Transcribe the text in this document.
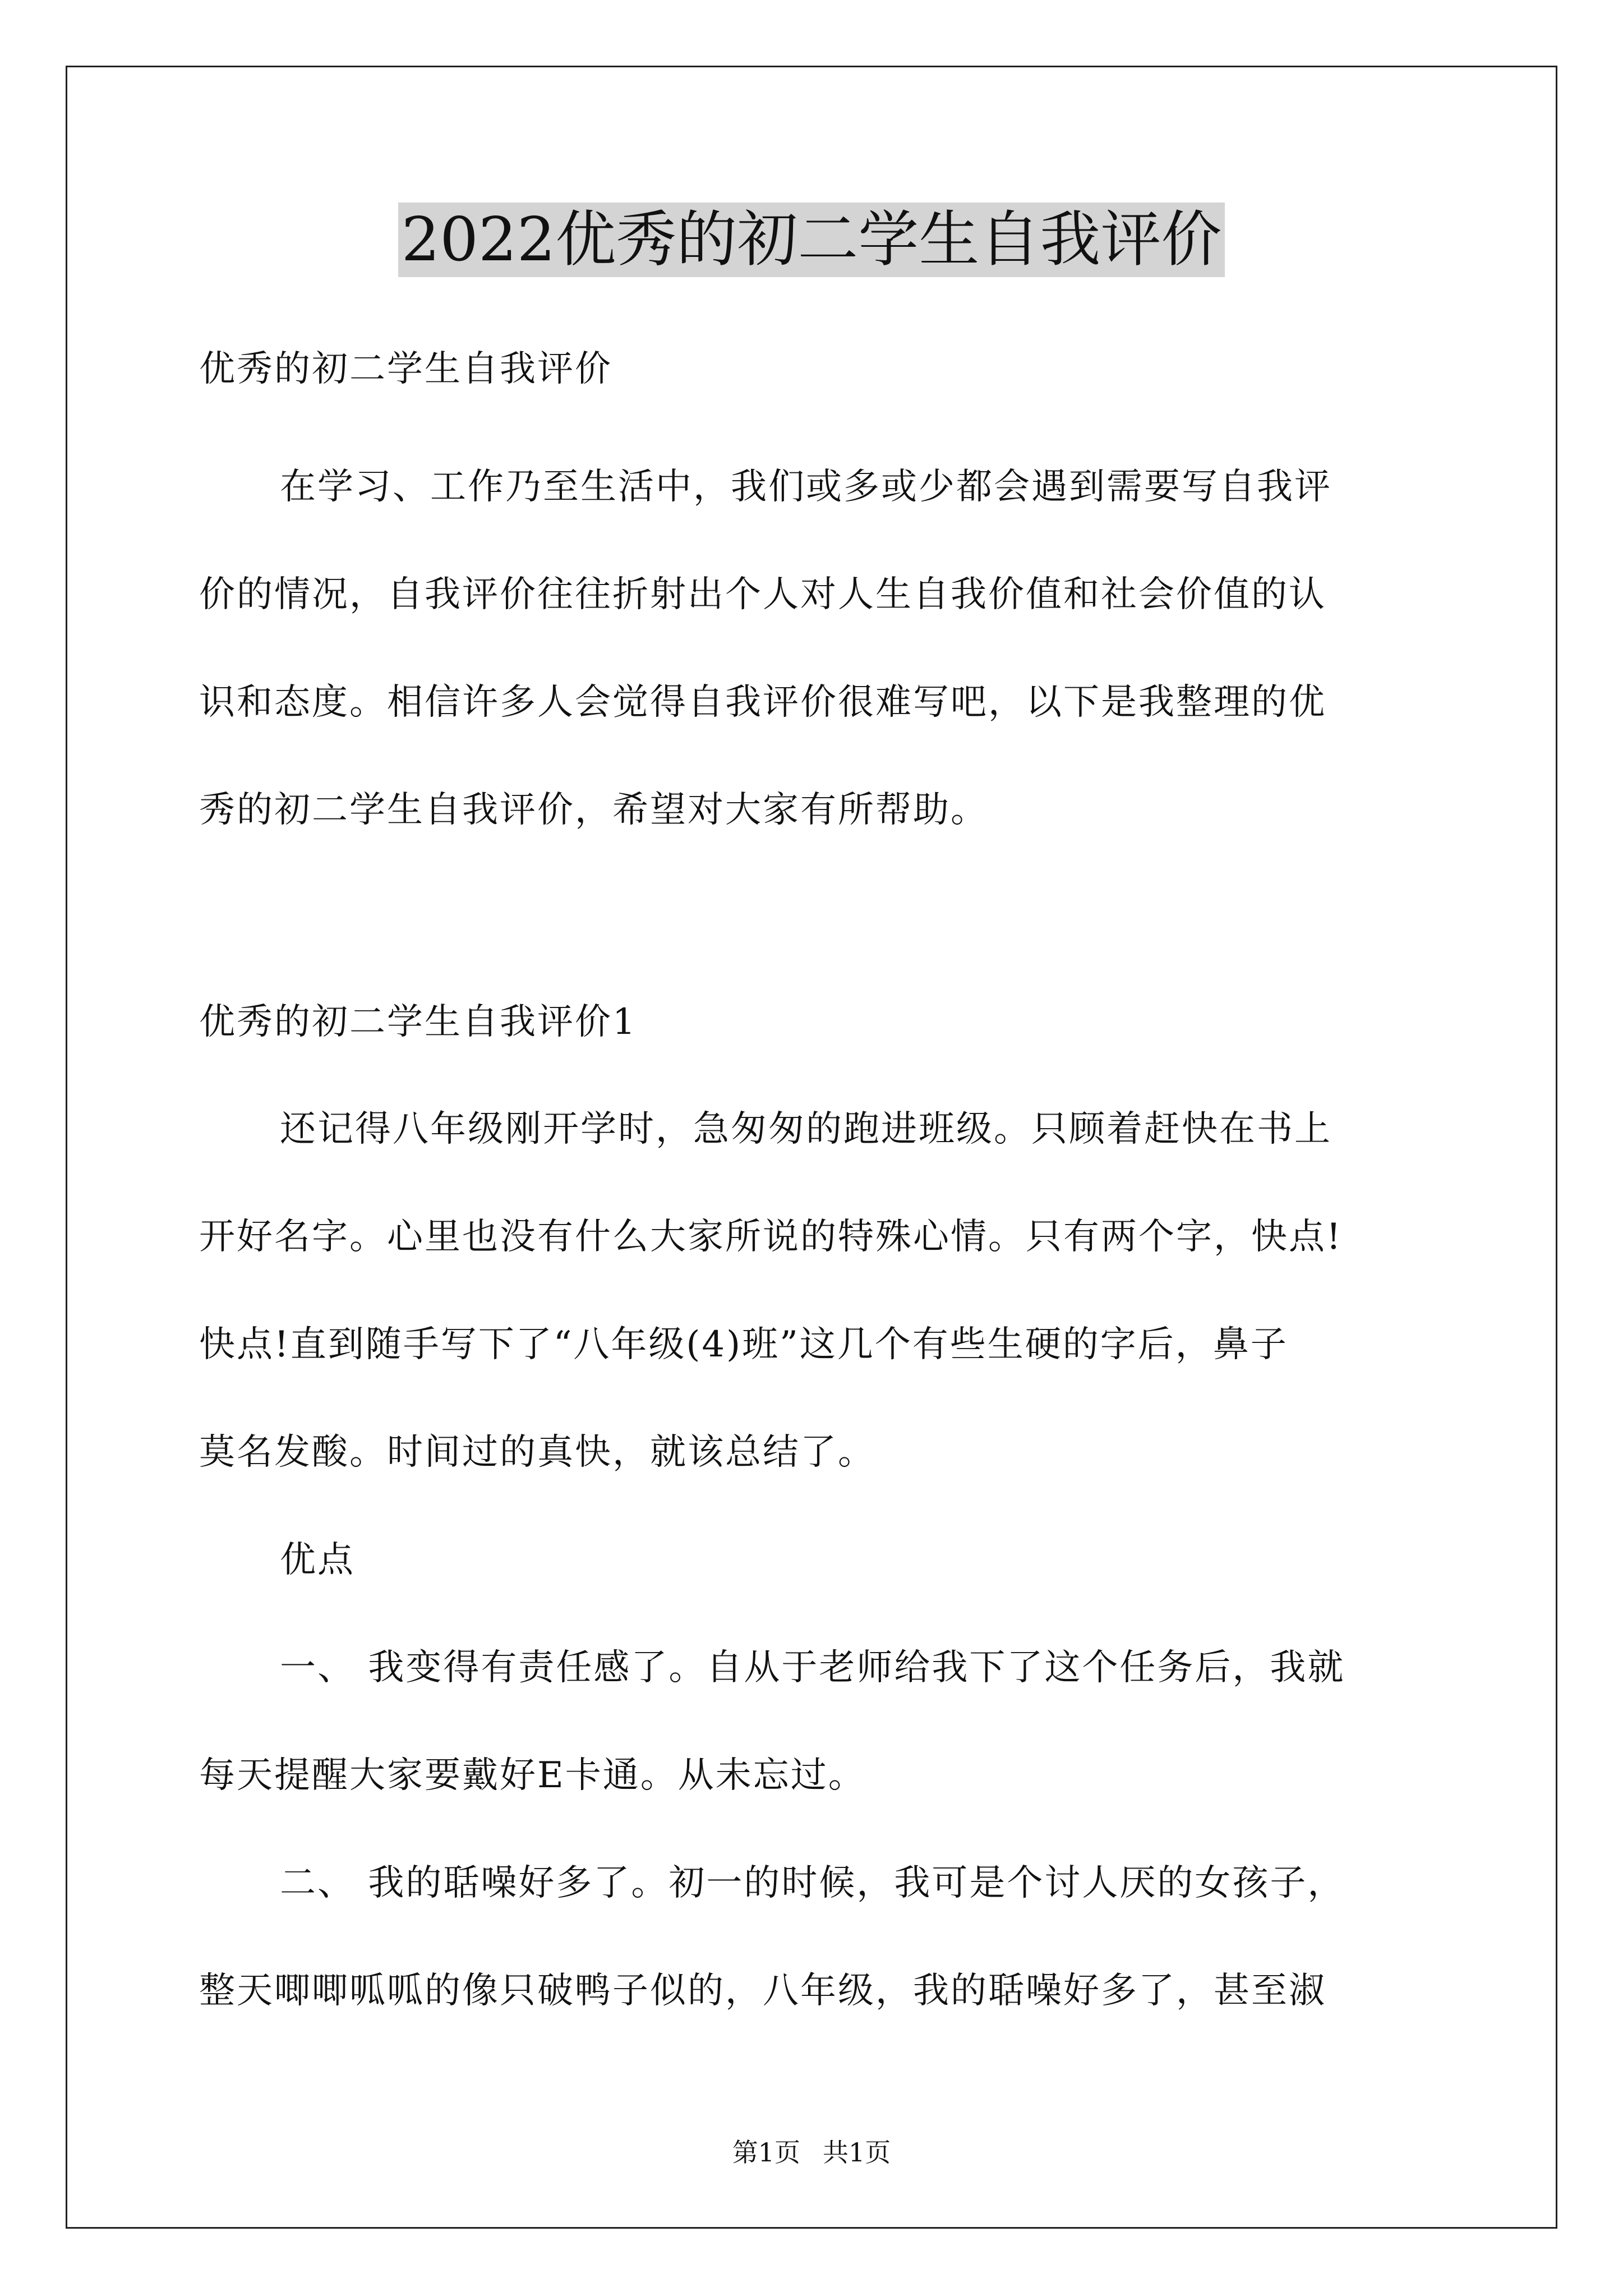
2022优秀的初二学生自我评价
优秀的初二学生自我评价
在学习、工作乃至生活中，我们或多或少都会遇到需要写自我评
价的情况，自我评价往往折射出个人对人生自我价值和社会价值的认
识和态度。相信许多人会觉得自我评价很难写吧，以下是我整理的优
秀的初二学生自我评价，希望对大家有所帮助。
优秀的初二学生自我评价1
还记得八年级刚开学时，急匆匆的跑进班级。只顾着赶快在书上
开好名字。心里也没有什么大家所说的特殊心情。只有两个字，快点!
快点!直到随手写下了“八年级(4)班”这几个有些生硬的字后，鼻子
莫名发酸。时间过的真快，就该总结了。
优点
一、 我变得有责任感了。自从于老师给我下了这个任务后，我就
每天提醒大家要戴好E卡通。从未忘过。
二、 我的聒噪好多了。初一的时候，我可是个讨人厌的女孩子，
整天唧唧呱呱的像只破鸭子似的，八年级，我的聒噪好多了，甚至淑
第1页 共1页
